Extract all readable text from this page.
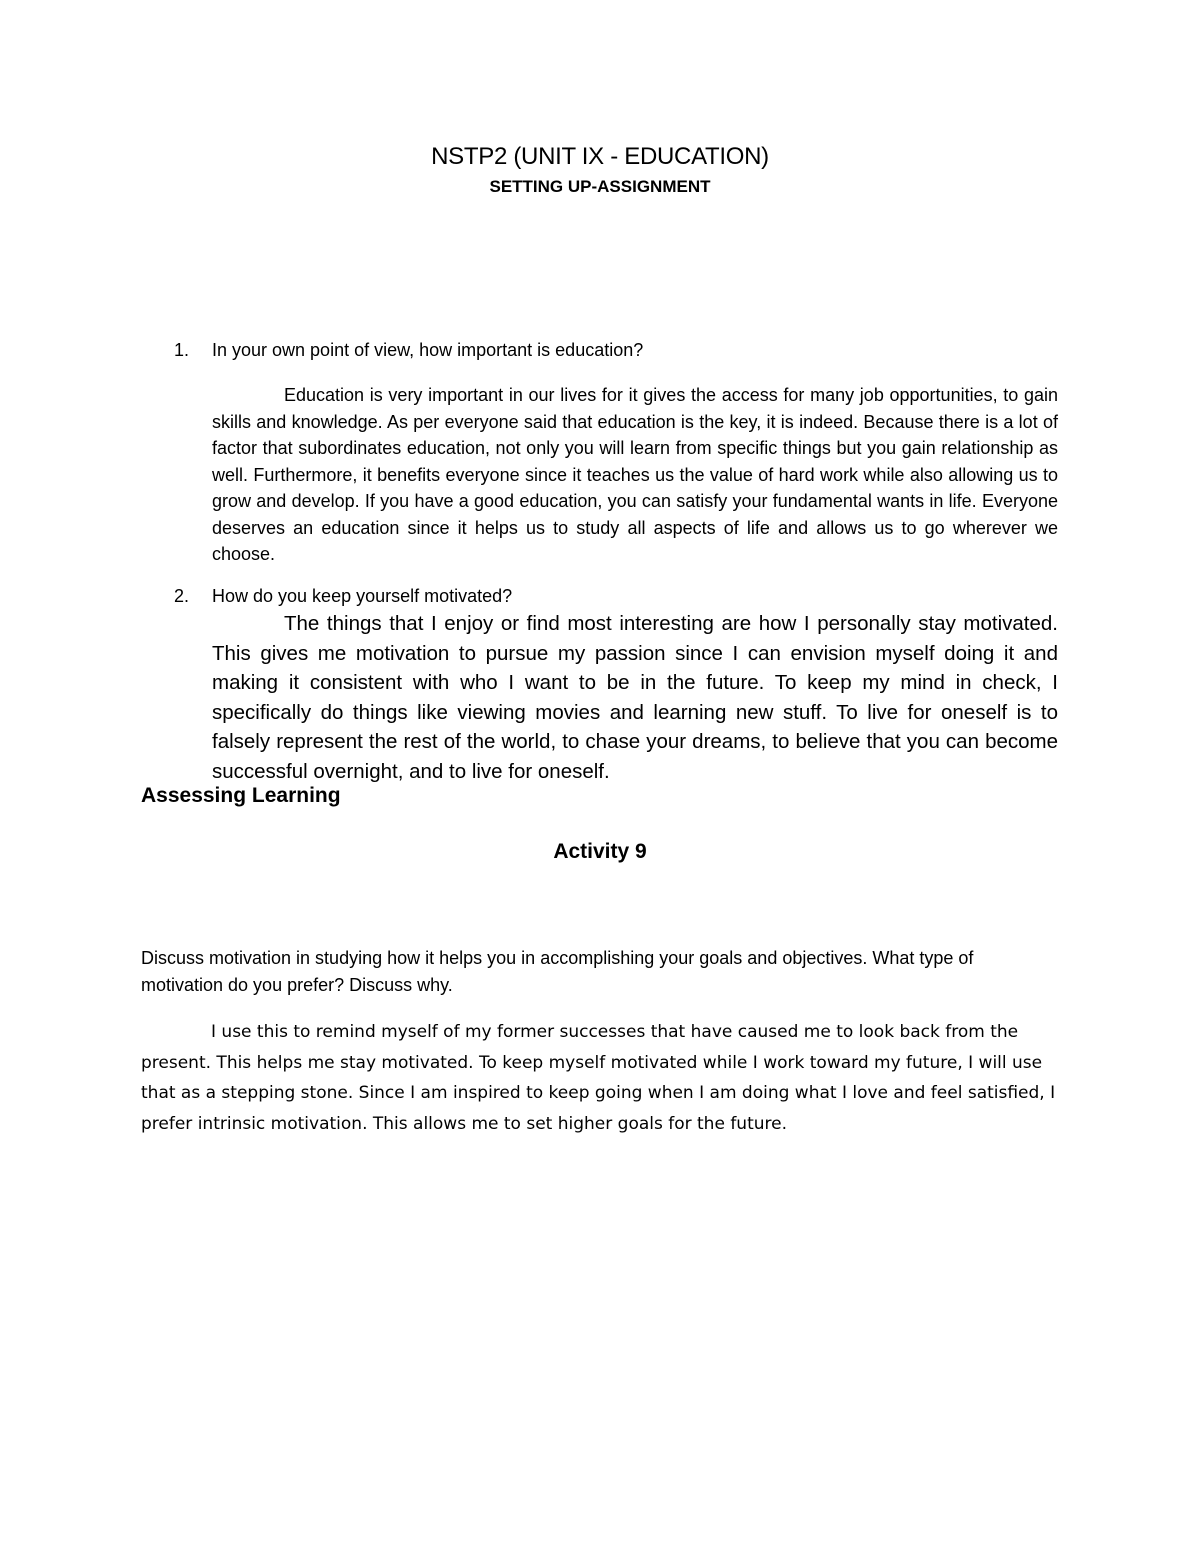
NSTP2 (UNIT IX - EDUCATION)
SETTING UP-ASSIGNMENT
1. In your own point of view, how important is education?

Education is very important in our lives for it gives the access for many job opportunities, to gain skills and knowledge. As per everyone said that education is the key, it is indeed. Because there is a lot of factor that subordinates education, not only you will learn from specific things but you gain relationship as well. Furthermore, it benefits everyone since it teaches us the value of hard work while also allowing us to grow and develop. If you have a good education, you can satisfy your fundamental wants in life. Everyone deserves an education since it helps us to study all aspects of life and allows us to go wherever we choose.

2. How do you keep yourself motivated?

The things that I enjoy or find most interesting are how I personally stay motivated. This gives me motivation to pursue my passion since I can envision myself doing it and making it consistent with who I want to be in the future. To keep my mind in check, I specifically do things like viewing movies and learning new stuff. To live for oneself is to falsely represent the rest of the world, to chase your dreams, to believe that you can become successful overnight, and to live for oneself.

Assessing Learning
Activity 9

Discuss motivation in studying how it helps you in accomplishing your goals and objectives. What type of motivation do you prefer? Discuss why.

I use this to remind myself of my former successes that have caused me to look back from the present. This helps me stay motivated. To keep myself motivated while I work toward my future, I will use that as a stepping stone. Since I am inspired to keep going when I am doing what I love and feel satisfied, I prefer intrinsic motivation. This allows me to set higher goals for the future.
